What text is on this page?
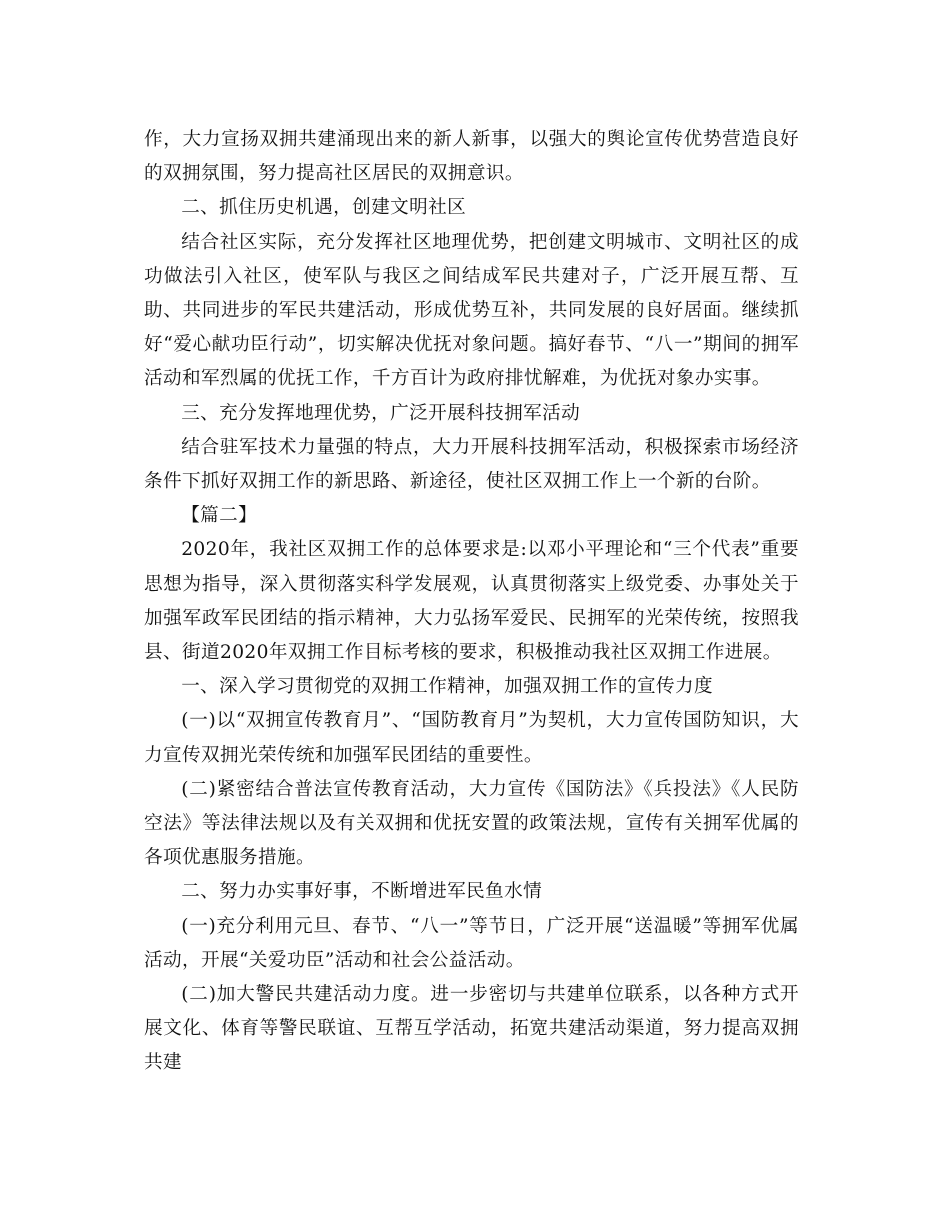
作，大力宣扬双拥共建涌现出来的新人新事，以强大的舆论宣传优势营造良好的双拥氛围，努力提高社区居民的双拥意识。

二、抓住历史机遇，创建文明社区

结合社区实际，充分发挥社区地理优势，把创建文明城市、文明社区的成功做法引入社区，使军队与我区之间结成军民共建对子，广泛开展互帮、互助、共同进步的军民共建活动，形成优势互补，共同发展的良好居面。继续抓好“爱心献功臣行动”，切实解决优抚对象问题。搞好春节、“八一”期间的拥军活动和军烈属的优抚工作，千方百计为政府排忧解难，为优抚对象办实事。

三、充分发挥地理优势，广泛开展科技拥军活动

结合驻军技术力量强的特点，大力开展科技拥军活动，积极探索市场经济条件下抓好双拥工作的新思路、新途径，使社区双拥工作上一个新的台阶。

【篇二】

2020年，我社区双拥工作的总体要求是:以邓小平理论和“三个代表”重要思想为指导，深入贯彻落实科学发展观，认真贯彻落实上级党委、办事处关于加强军政军民团结的指示精神，大力弘扬军爱民、民拥军的光荣传统，按照我县、街道2020年双拥工作目标考核的要求，积极推动我社区双拥工作进展。

一、深入学习贯彻党的双拥工作精神，加强双拥工作的宣传力度

(一)以“双拥宣传教育月”、“国防教育月”为契机，大力宣传国防知识，大力宣传双拥光荣传统和加强军民团结的重要性。

(二)紧密结合普法宣传教育活动，大力宣传《国防法》《兵投法》《人民防空法》等法律法规以及有关双拥和优抚安置的政策法规，宣传有关拥军优属的各项优惠服务措施。

二、努力办实事好事，不断增进军民鱼水情

(一)充分利用元旦、春节、“八一”等节日，广泛开展“送温暖”等拥军优属活动，开展“关爱功臣”活动和社会公益活动。

(二)加大警民共建活动力度。进一步密切与共建单位联系，以各种方式开展文化、体育等警民联谊、互帮互学活动，拓宽共建活动渠道，努力提高双拥共建
